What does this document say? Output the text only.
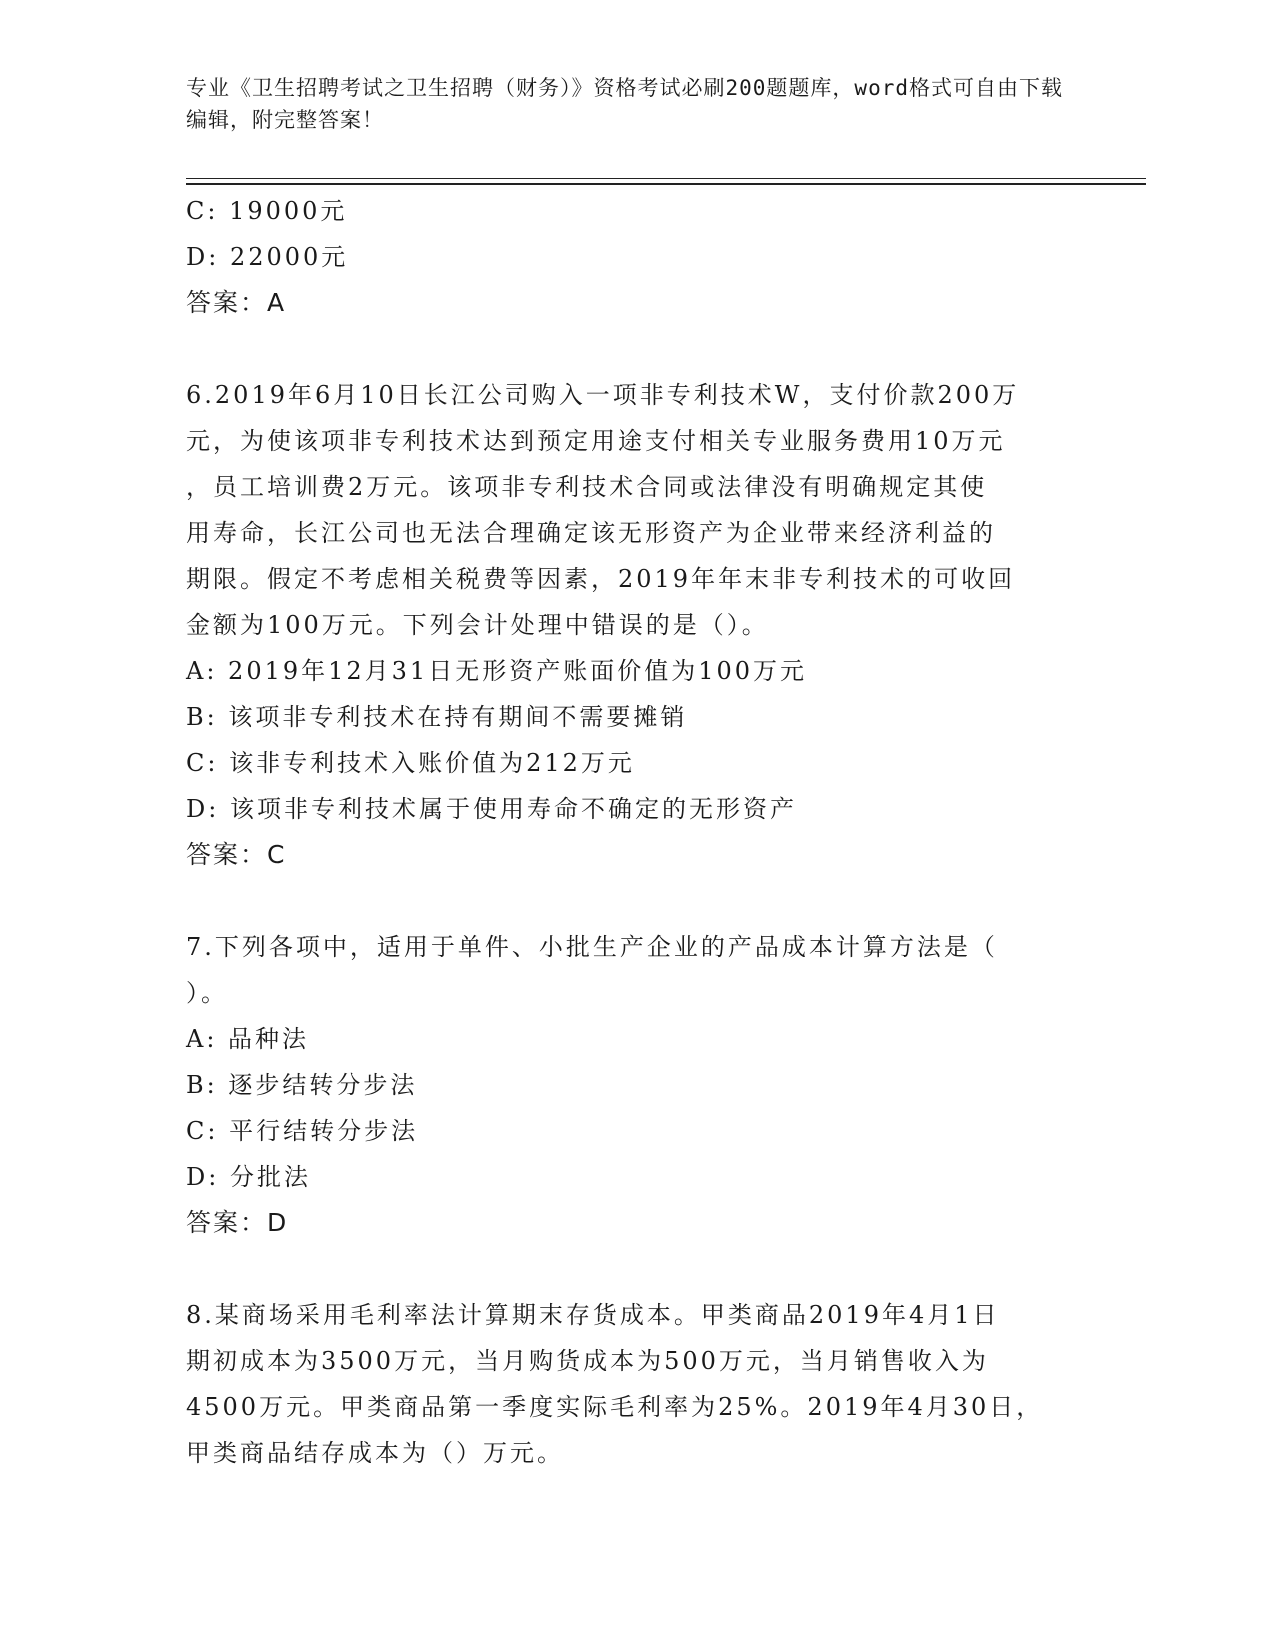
专业《卫生招聘考试之卫生招聘（财务）》资格考试必刷200题题库，word格式可自由下载编辑，附完整答案！
C: 19000元
D: 22000元
答案：A
6.2019年6月10日长江公司购入一项非专利技术W，支付价款200万
元，为使该项非专利技术达到预定用途支付相关专业服务费用10万元
，员工培训费2万元。该项非专利技术合同或法律没有明确规定其使
用寿命，长江公司也无法合理确定该无形资产为企业带来经济利益的
期限。假定不考虑相关税费等因素，2019年年末非专利技术的可收回
金额为100万元。下列会计处理中错误的是（）。
A: 2019年12月31日无形资产账面价值为100万元
B: 该项非专利技术在持有期间不需要摊销
C: 该非专利技术入账价值为212万元
D: 该项非专利技术属于使用寿命不确定的无形资产
答案：C
7.下列各项中，适用于单件、小批生产企业的产品成本计算方法是（
）。
A: 品种法
B: 逐步结转分步法
C: 平行结转分步法
D: 分批法
答案：D
8.某商场采用毛利率法计算期末存货成本。甲类商品2019年4月1日
期初成本为3500万元，当月购货成本为500万元，当月销售收入为
4500万元。甲类商品第一季度实际毛利率为25%。2019年4月30日，
甲类商品结存成本为（）万元。
